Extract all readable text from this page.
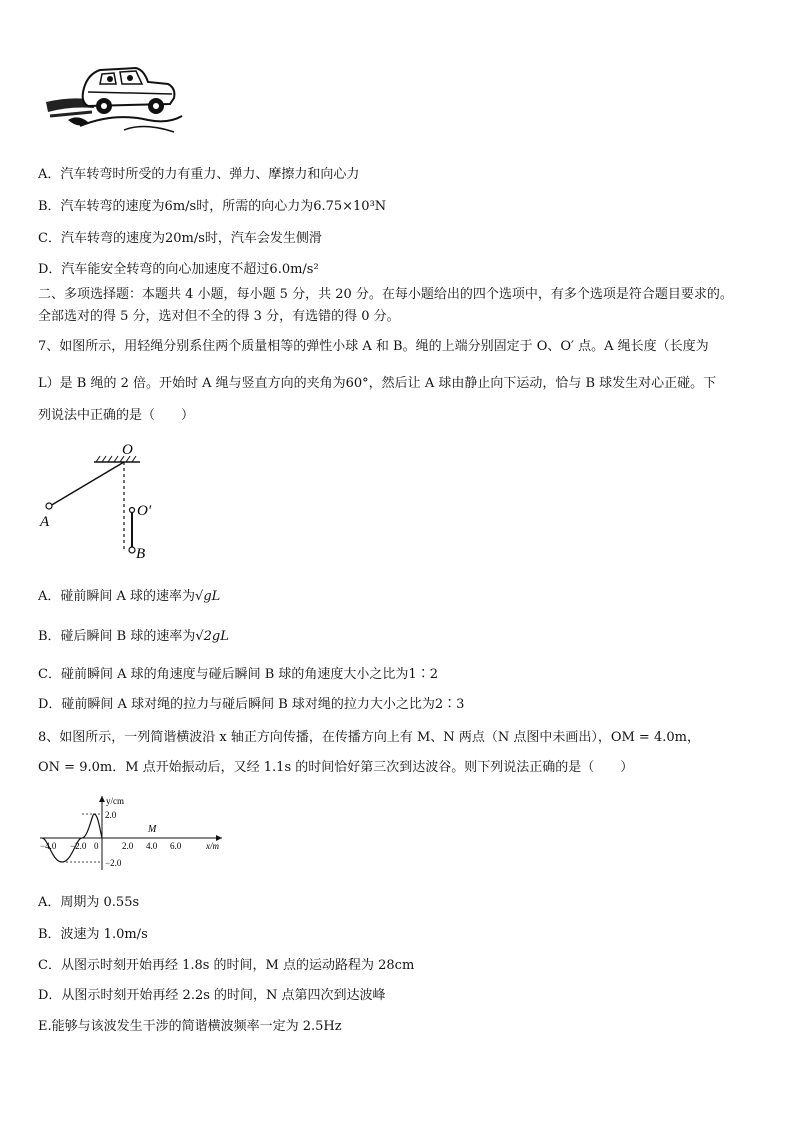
A．汽车转弯时所受的力有重力、弹力、摩擦力和向心力
B．汽车转弯的速度为6m/s时，所需的向心力为6.75×10³N
C．汽车转弯的速度为20m/s时，汽车会发生侧滑
D．汽车能安全转弯的向心加速度不超过6.0m/s²
二、多项选择题：本题共 4 小题，每小题 5 分，共 20 分。在每小题给出的四个选项中，有多个选项是符合题目要求的。
全部选对的得 5 分，选对但不全的得 3 分，有选错的得 0 分。
7、如图所示，用轻绳分别系住两个质量相等的弹性小球 A 和 B。绳的上端分别固定于 O、O′ 点。A 绳长度（长度为
L）是 B 绳的 2 倍。开始时 A 绳与竖直方向的夹角为60°，然后让 A 球由静止向下运动，恰与 B 球发生对心正碰。下
列说法中正确的是（　　）
O
A
O′
B
A．碰前瞬间 A 球的速率为√gL
B．碰后瞬间 B 球的速率为√2gL
C．碰前瞬间 A 球的角速度与碰后瞬间 B 球的角速度大小之比为1∶2
D．碰前瞬间 A 球对绳的拉力与碰后瞬间 B 球对绳的拉力大小之比为2∶3
8、如图所示，一列简谐横波沿 x 轴正方向传播，在传播方向上有 M、N 两点（N 点图中未画出），OM = 4.0m，
ON = 9.0m．M 点开始振动后，又经 1.1s 的时间恰好第三次到达波谷。则下列说法正确的是（　　）
y/cm
x/m
2.0
−2.0
−4.0 −2.0 0	2.0 4.0 6.0
M
A．周期为 0.55s
B．波速为 1.0m/s
C．从图示时刻开始再经 1.8s 的时间，M 点的运动路程为 28cm
D．从图示时刻开始再经 2.2s 的时间，N 点第四次到达波峰
E.能够与该波发生干涉的简谐横波频率一定为 2.5Hz
